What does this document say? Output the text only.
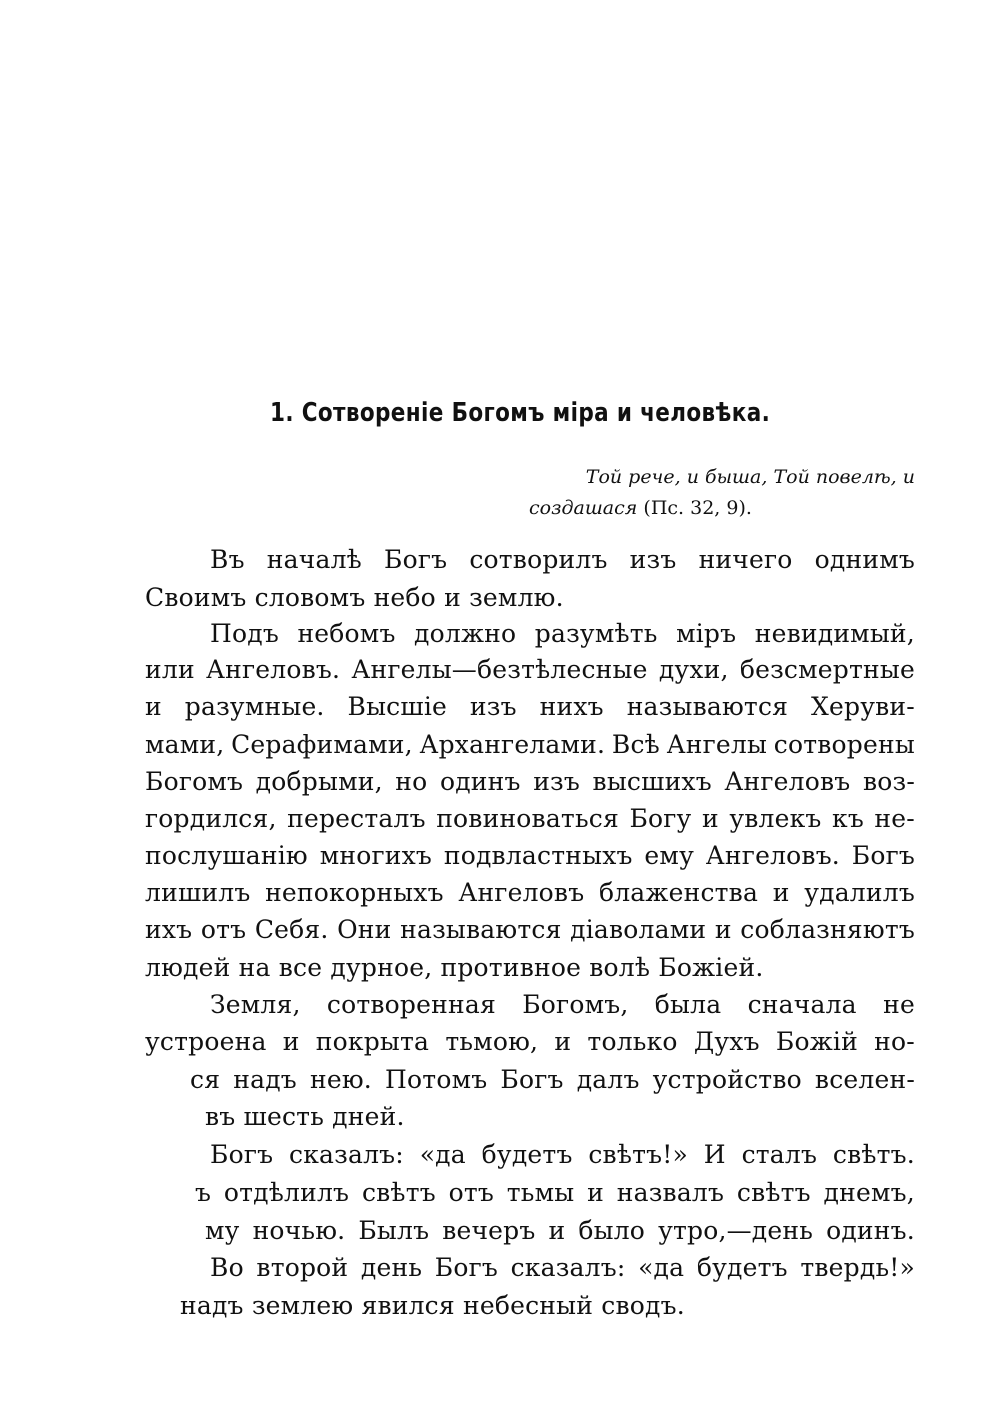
1. Сотвореніе Богомъ міра и человѣка.
Той рече, и быша, Той повелѣ, и
создашася (Пс. 32, 9).
Въ началѣ Богъ сотворилъ изъ ничего однимъ
Своимъ словомъ небо и землю.
Подъ небомъ должно разумѣть міръ невидимый,
или Ангеловъ. Ангелы—безтѣлесные духи, безсмертные
и разумные. Высшіе изъ нихъ называются Херуви-
мами, Серафимами, Архангелами. Всѣ Ангелы сотворены
Богомъ добрыми, но одинъ изъ высшихъ Ангеловъ воз-
гордился, пересталъ повиноваться Богу и увлекъ къ не-
послушанію многихъ подвластныхъ ему Ангеловъ. Богъ
лишилъ непокорныхъ Ангеловъ блаженства и удалилъ
ихъ отъ Себя. Они называются діаволами и соблазняютъ
людей на все дурное, противное волѣ Божіей.
Земля, сотворенная Богомъ, была сначала не
устроена и покрыта тьмою, и только Духъ Божій но-
ся надъ нею. Потомъ Богъ далъ устройство вселен-
въ шесть дней.
Богъ сказалъ: «да будетъ свѣтъ!» И сталъ свѣтъ.
ъ отдѣлилъ свѣтъ отъ тьмы и назвалъ свѣтъ днемъ,
му ночью. Былъ вечеръ и было утро,—день одинъ.
Во второй день Богъ сказалъ: «да будетъ твердь!»
надъ землею явился небесный сводъ.
